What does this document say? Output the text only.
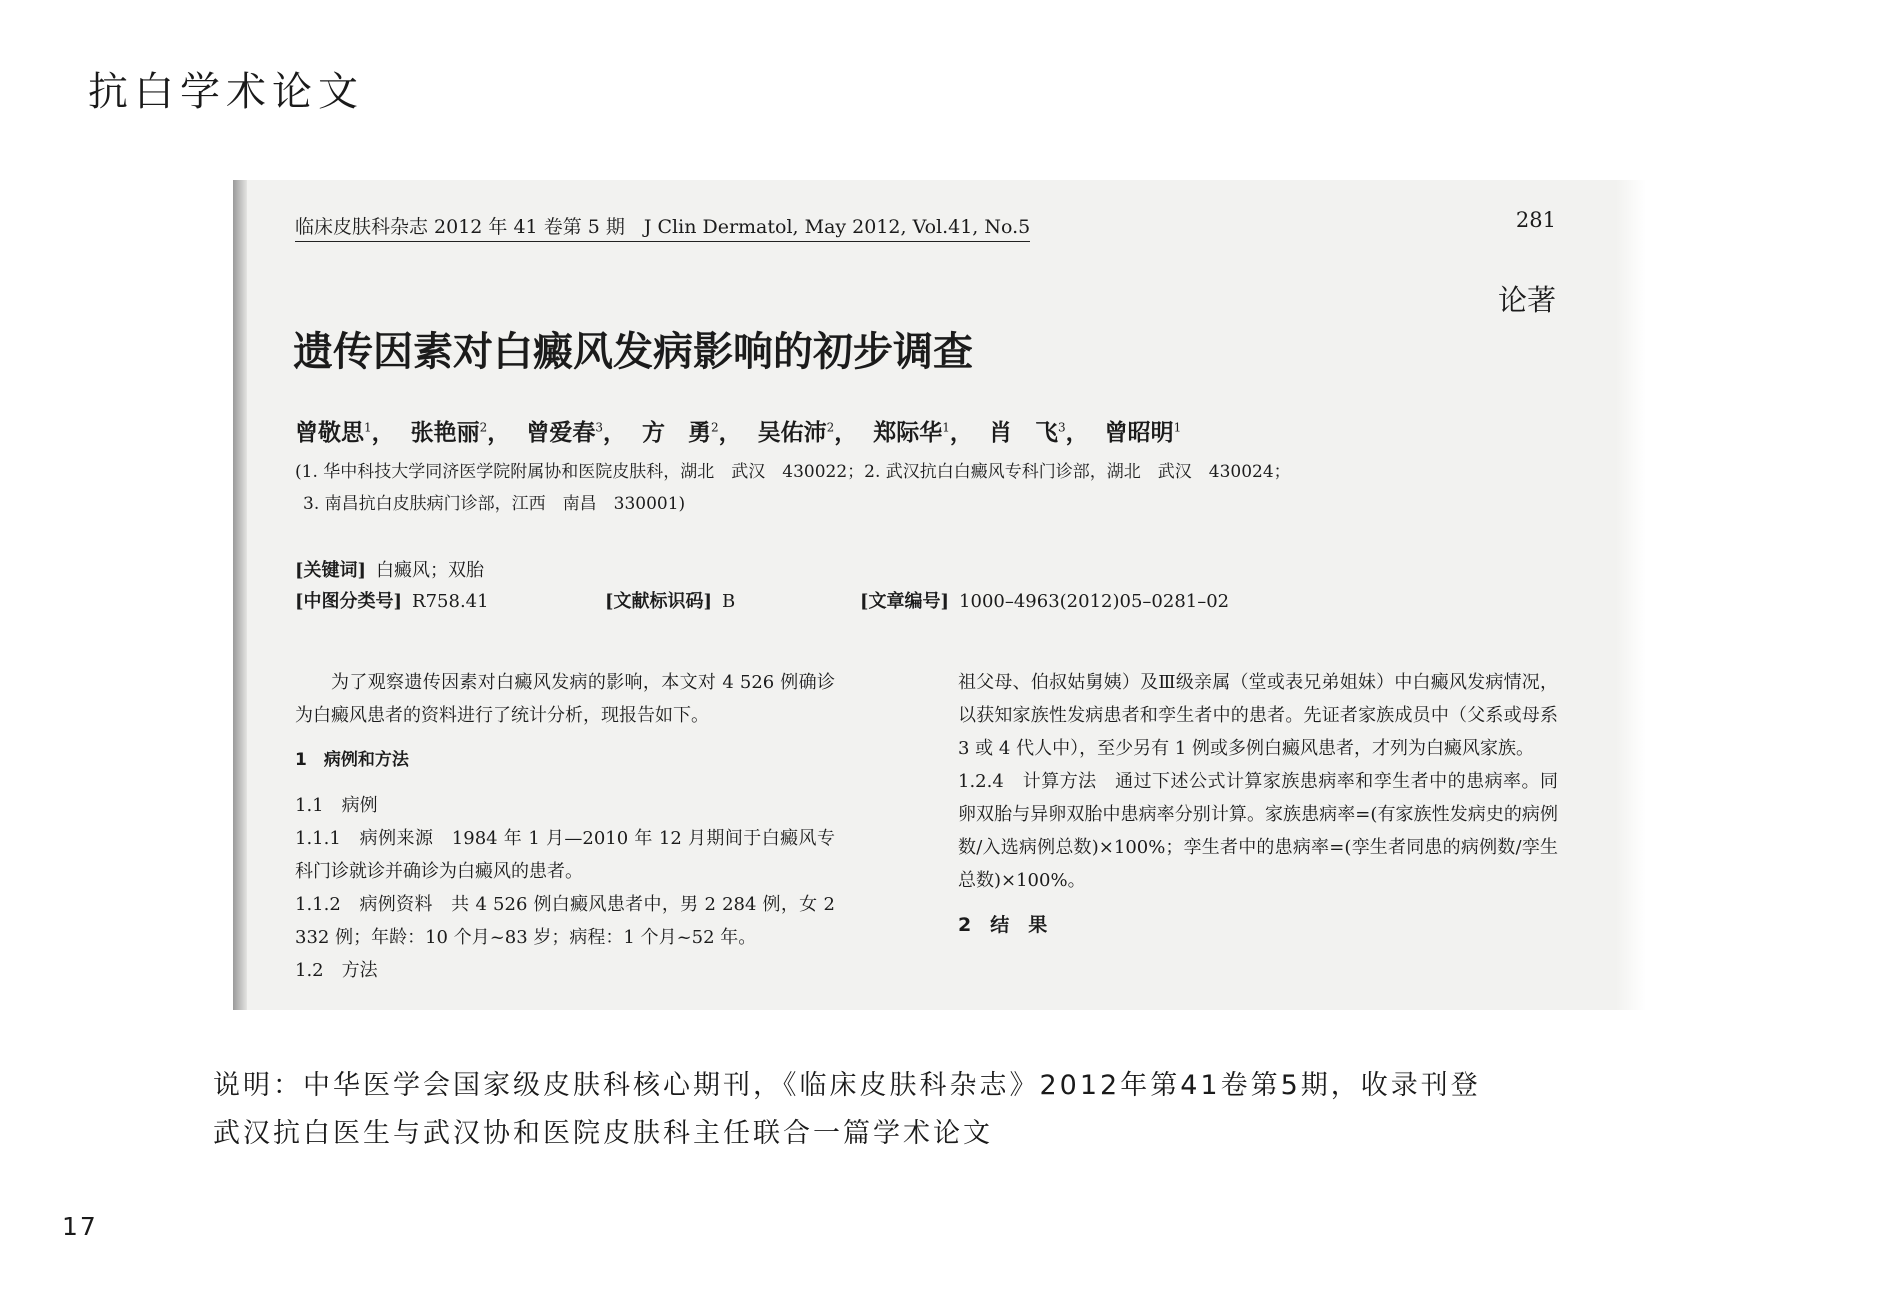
抗白学术论文
临床皮肤科杂志 2012 年 41 卷第 5 期　J Clin Dermatol, May 2012, Vol.41, No.5	281
论著
遗传因素对白癜风发病影响的初步调查
曾敬思$^1$， 张艳丽$^2$， 曾爱春$^3$， 方　勇$^2$， 吴佑沛$^2$， 郑际华$^1$， 肖　飞$^3$， 曾昭明$^1$
(1. 华中科技大学同济医学院附属协和医院皮肤科，湖北　武汉　430022；2. 武汉抗白白癜风专科门诊部，湖北　武汉　430024；
3. 南昌抗白皮肤病门诊部，江西　南昌　330001)
[关键词] 白癜风；双胎
[中图分类号] R758.41	[文献标识码] B	[文章编号] 1000–4963(2012)05–0281–02

为了观察遗传因素对白癜风发病的影响，本文对 4 526 例确诊为白癜风患者的资料进行了统计分析，现报告如下。

1　病例和方法

1.1　病例

1.1.1　病例来源　1984 年 1 月—2010 年 12 月期间于白癜风专科门诊就诊并确诊为白癜风的患者。

1.1.2　病例资料　共 4 526 例白癜风患者中，男 2 284 例，女 2 332 例；年龄：10 个月~83 岁；病程：1 个月~52 年。

1.2　方法

祖父母、伯叔姑舅姨）及Ⅲ级亲属（堂或表兄弟姐妹）中白癜风发病情况，以获知家族性发病患者和孪生者中的患者。先证者家族成员中（父系或母系 3 或 4 代人中），至少另有 1 例或多例白癜风患者，才列为白癜风家族。

1.2.4　计算方法　通过下述公式计算家族患病率和孪生者中的患病率。同卵双胎与异卵双胎中患病率分别计算。家族患病率=(有家族性发病史的病例数/入选病例总数)×100%；孪生者中的患病率=(孪生者同患的病例数/孪生总数)×100%。

2　结　果

说明：中华医学会国家级皮肤科核心期刊，《临床皮肤科杂志》2012年第41卷第5期，收录刊登
武汉抗白医生与武汉协和医院皮肤科主任联合一篇学术论文
17
